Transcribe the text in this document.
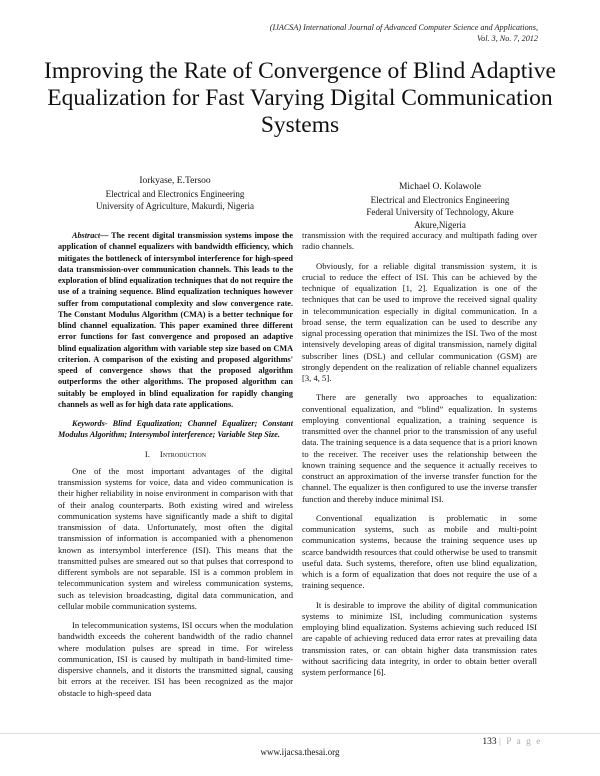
(IJACSA) International Journal of Advanced Computer Science and Applications,
Vol. 3, No. 7, 2012
Improving the Rate of Convergence of Blind Adaptive Equalization for Fast Varying Digital Communication Systems
Iorkyase, E.Tersoo
Electrical and Electronics Engineering
University of Agriculture, Makurdi, Nigeria
Michael O. Kolawole
Electrical and Electronics Engineering
Federal University of Technology, Akure
Akure,Nigeria

Abstract— The recent digital transmission systems impose the application of channel equalizers with bandwidth efficiency, which mitigates the bottleneck of intersymbol interference for high-speed data transmission-over communication channels. This leads to the exploration of blind equalization techniques that do not require the use of a training sequence. Blind equalization techniques however suffer from computational complexity and slow convergence rate. The Constant Modulus Algorithm (CMA) is a better technique for blind channel equalization. This paper examined three different error functions for fast convergence and proposed an adaptive blind equalization algorithm with variable step size based on CMA criterion. A comparison of the existing and proposed algorithms' speed of convergence shows that the proposed algorithm outperforms the other algorithms. The proposed algorithm can suitably be employed in blind equalization for rapidly changing channels as well as for high data rate applications.

Keywords- Blind Equalization; Channel Equalizer; Constant Modulus Algorithm; Intersymbol interference; Variable Step Size.

I. Introduction

One of the most important advantages of the digital transmission systems for voice, data and video communication is their higher reliability in noise environment in comparison with that of their analog counterparts. Both existing wired and wireless communication systems have significantly made a shift to digital transmission of data. Unfortunately, most often the digital transmission of information is accompanied with a phenomenon known as intersymbol interference (ISI). This means that the transmitted pulses are smeared out so that pulses that correspond to different symbols are not separable. ISI is a common problem in telecommunication system and wireless communication systems, such as television broadcasting, digital data communication, and cellular mobile communication systems.

In telecommunication systems, ISI occurs when the modulation bandwidth exceeds the coherent bandwidth of the radio channel where modulation pulses are spread in time. For wireless communication, ISI is caused by multipath in band-limited time-dispersive channels, and it distorts the transmitted signal, causing bit errors at the receiver. ISI has been recognized as the major obstacle to high-speed data

transmission with the required accuracy and multipath fading over radio channels.

Obviously, for a reliable digital transmission system, it is crucial to reduce the effect of ISI. This can be achieved by the technique of equalization [1, 2]. Equalization is one of the techniques that can be used to improve the received signal quality in telecommunication especially in digital communication. In a broad sense, the term equalization can be used to describe any signal processing operation that minimizes the ISI. Two of the most intensively developing areas of digital transmission, namely digital subscriber lines (DSL) and cellular communication (GSM) are strongly dependent on the realization of reliable channel equalizers [3, 4, 5].

There are generally two approaches to equalization: conventional equalization, and “blind” equalization. In systems employing conventional equalization, a training sequence is transmitted over the channel prior to the transmission of any useful data. The training sequence is a data sequence that is a priori known to the receiver. The receiver uses the relationship between the known training sequence and the sequence it actually receives to construct an approximation of the inverse transfer function for the channel. The equalizer is then configured to use the inverse transfer function and thereby induce minimal ISI.

Conventional equalization is problematic in some communication systems, such as mobile and multi-point communication systems, because the training sequence uses up scarce bandwidth resources that could otherwise be used to transmit useful data. Such systems, therefore, often use blind equalization, which is a form of equalization that does not require the use of a training sequence.

It is desirable to improve the ability of digital communication systems to minimize ISI, including communication systems employing blind equalization. Systems achieving such reduced ISI are capable of achieving reduced data error rates at prevailing data transmission rates, or can obtain higher data transmission rates without sacrificing data integrity, in order to obtain better overall system performance [6].

133 | P a g e
www.ijacsa.thesai.org
